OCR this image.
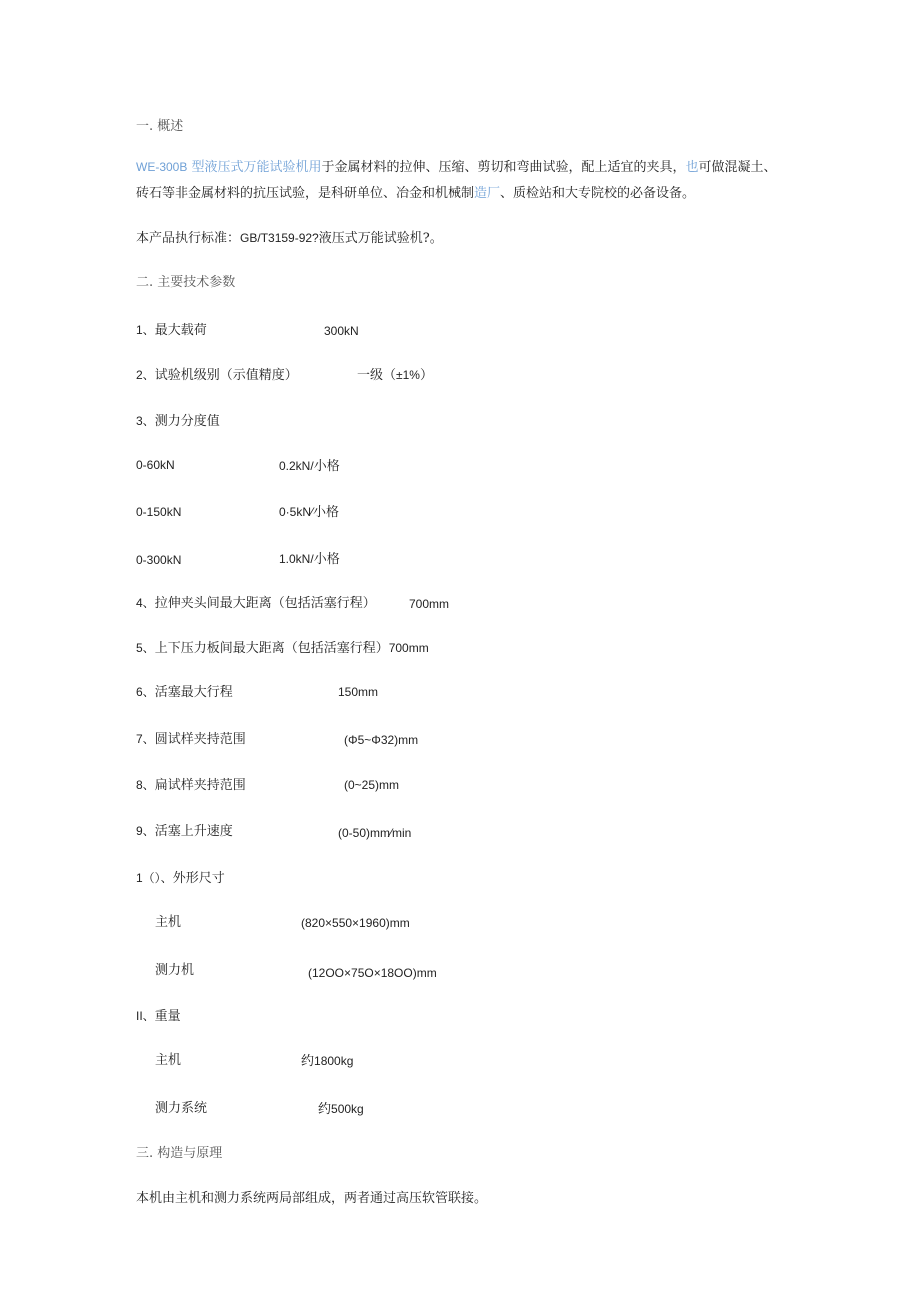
一. 概述
WE-300B 型液压式万能试验机用于金属材料的拉伸、压缩、剪切和弯曲试验，配上适宜的夹具，也可做混凝土、
砖石等非金属材料的抗压试验，是科研单位、冶金和机械制造厂、质检站和大专院校的必备设备。
本产品执行标准：GB/T3159-92?液压式万能试验机?。
二. 主要技术参数
1、最大载荷	300kN
2、试验机级别（示值精度）	一级（±1%）
3、测力分度值
0-60kN	0.2kN/小格
0-150kN	0·5kN⁄小格
0-300kN	1.0kN/小格
4、拉伸夹头间最大距离（包括活塞行程）	700mm
5、上下压力板间最大距离（包括活塞行程）700mm
6、活塞最大行程	150mm
7、圆试样夹持范围	(Φ5~Φ32)mm
8、扁试样夹持范围	(0~25)mm
9、活塞上升速度	(0-50)mm⁄min
1（）、外形尺寸
主机	(820×550×1960)mm
测力机	(12OO×75O×18OO)mm
II、重量
主机	约1800kg
测力系统	约500kg
三. 构造与原理
本机由主机和测力系统两局部组成，两者通过高压软管联接。
